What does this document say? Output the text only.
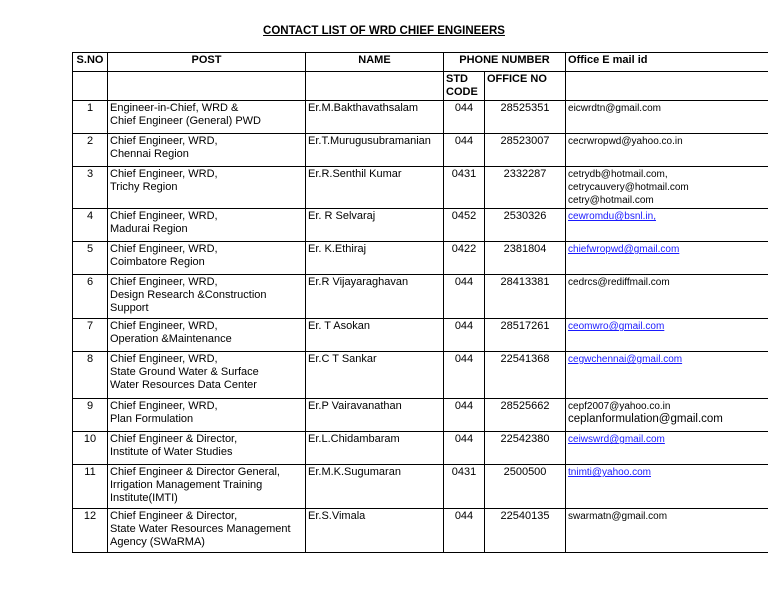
CONTACT LIST OF WRD CHIEF ENGINEERS
S.NO	POST	NAME	PHONE NUMBER		Office E mail id
			STD CODE	OFFICE NO	
1	Engineer-in-Chief, WRD &
Chief Engineer (General) PWD	Er.M.Bakthavathsalam	044	28525351	eicwrdtn@gmail.com

2	Chief Engineer, WRD,
Chennai Region	Er.T.Murugusubramanian	044	28523007	cecrwropwd@yahoo.co.in

3	Chief Engineer, WRD,
Trichy Region	Er.R.Senthil Kumar	0431	2332287	cetrydb@hotmail.com,
cetrycauvery@hotmail.com
cetry@hotmail.com

4	Chief Engineer, WRD,
Madurai Region	Er. R Selvaraj	0452	2530326	cewromdu@bsnl.in,

5	Chief Engineer, WRD,
Coimbatore Region	Er. K.Ethiraj	0422	2381804	chiefwropwd@gmail.com

6	Chief Engineer, WRD,
Design Research &Construction
Support	Er.R Vijayaraghavan	044	28413381	cedrcs@rediffmail.com

7	Chief Engineer, WRD,
Operation &Maintenance	Er. T Asokan	044	28517261	ceomwro@gmail.com

8	Chief Engineer, WRD,
State Ground Water & Surface
Water Resources Data Center	Er.C T Sankar	044	22541368	cegwchennai@gmail.com

9	Chief Engineer, WRD,
Plan Formulation	Er.P Vairavanathan	044	28525662	cepf2007@yahoo.co.in
ceplanformulation@gmail.com

10	Chief Engineer & Director,
Institute of Water Studies	Er.L.Chidambaram	044	22542380	ceiwswrd@gmail.com

11	Chief Engineer & Director General,
Irrigation Management Training
Institute(IMTI)	Er.M.K.Sugumaran	0431	2500500	tnimti@yahoo.com

12	Chief Engineer & Director,
State Water Resources Management
Agency (SWaRMA)	Er.S.Vimala	044	22540135	swarmatn@gmail.com
